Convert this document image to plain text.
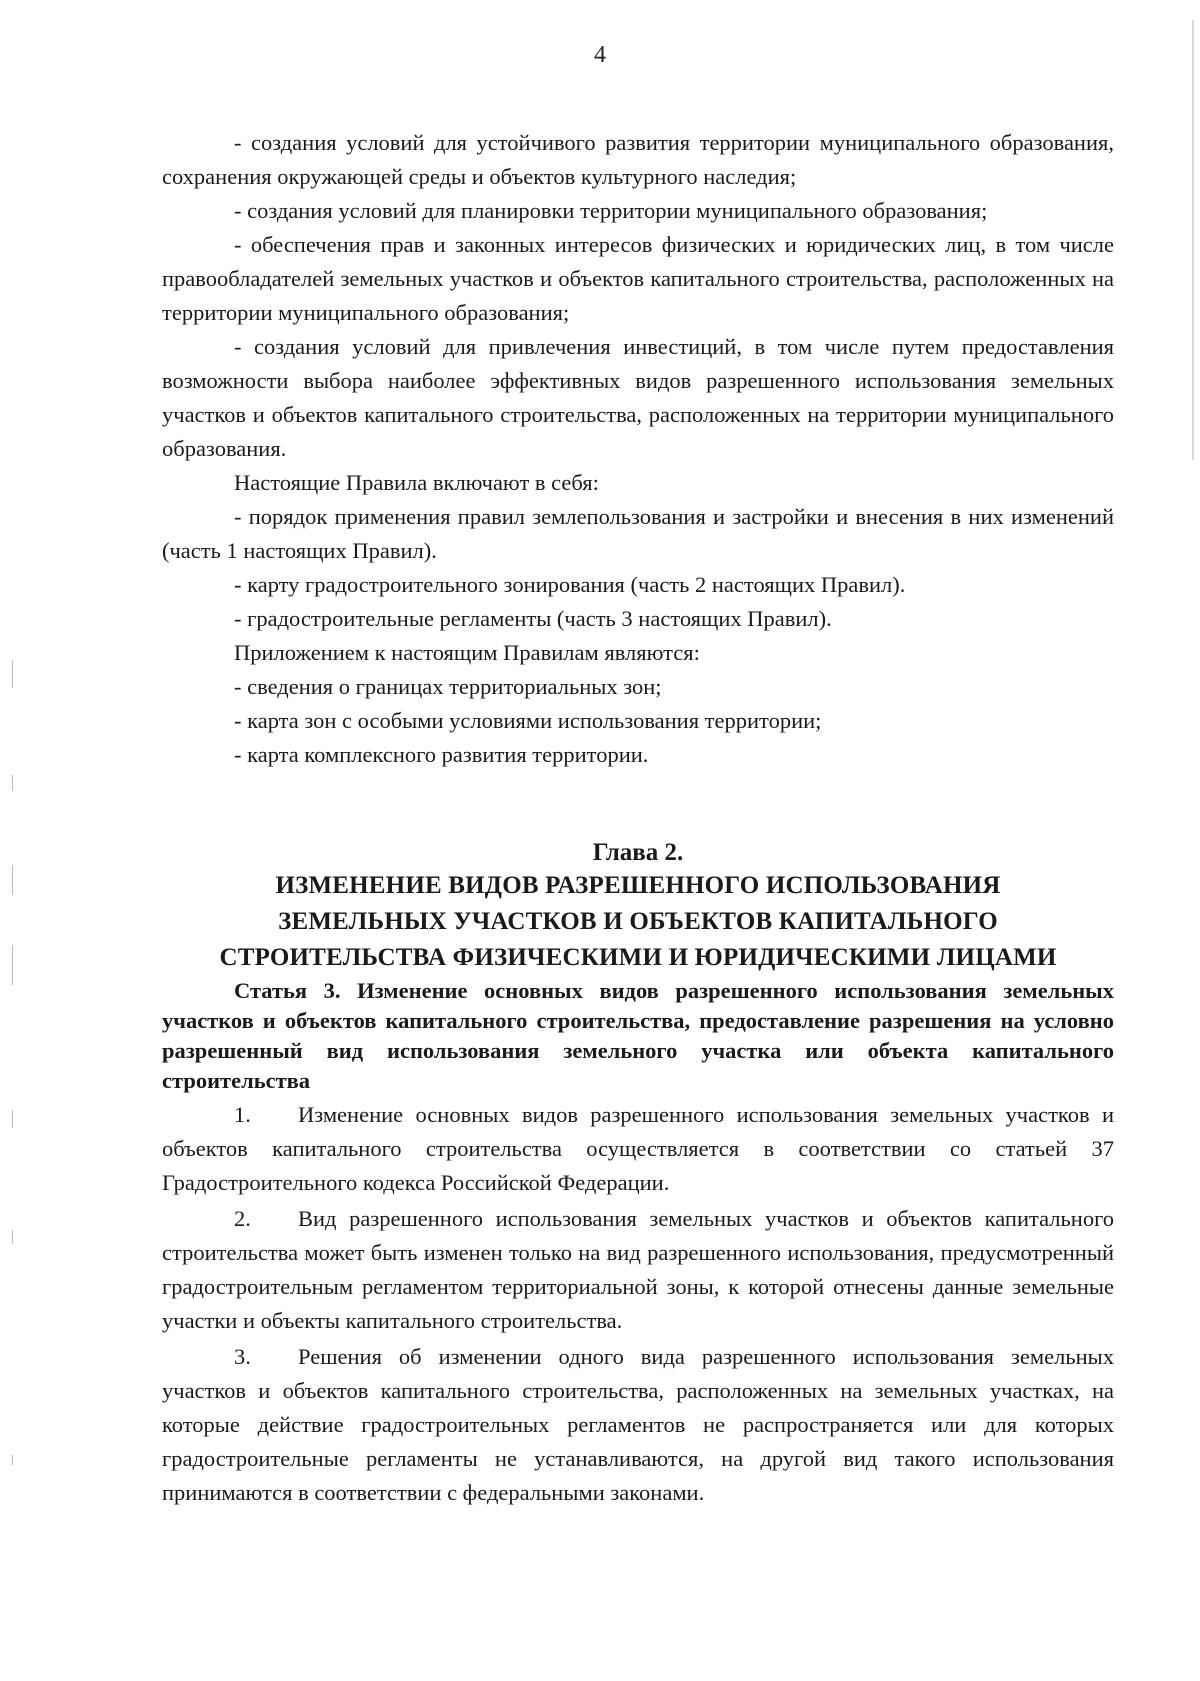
4

- создания условий для устойчивого развития территории муниципального образования, сохранения окружающей среды и объектов культурного наследия;

- создания условий для планировки территории муниципального образования;

- обеспечения прав и законных интересов физических и юридических лиц, в том числе правообладателей земельных участков и объектов капитального строительства, расположенных на территории муниципального образования;

- создания условий для привлечения инвестиций, в том числе путем предоставления возможности выбора наиболее эффективных видов разрешенного использования земельных участков и объектов капитального строительства, расположенных на территории муниципального образования.

Настоящие Правила включают в себя:

- порядок применения правил землепользования и застройки и внесения в них изменений (часть 1 настоящих Правил).

- карту градостроительного зонирования (часть 2 настоящих Правил).

- градостроительные регламенты (часть 3 настоящих Правил).

Приложением к настоящим Правилам являются:

- сведения о границах территориальных зон;

- карта зон с особыми условиями использования территории;

- карта комплексного развития территории.

Глава 2.
ИЗМЕНЕНИЕ ВИДОВ РАЗРЕШЕННОГО ИСПОЛЬЗОВАНИЯ
ЗЕМЕЛЬНЫХ УЧАСТКОВ И ОБЪЕКТОВ КАПИТАЛЬНОГО
СТРОИТЕЛЬСТВА ФИЗИЧЕСКИМИ И ЮРИДИЧЕСКИМИ ЛИЦАМИ

Статья 3. Изменение основных видов разрешенного использования земельных участков и объектов капитального строительства, предоставление разрешения на условно разрешенный вид использования земельного участка или объекта капитального строительства

1. Изменение основных видов разрешенного использования земельных участков и объектов капитального строительства осуществляется в соответствии со статьей 37 Градостроительного кодекса Российской Федерации.

2. Вид разрешенного использования земельных участков и объектов капитального строительства может быть изменен только на вид разрешенного использования, предусмотренный градостроительным регламентом территориальной зоны, к которой отнесены данные земельные участки и объекты капитального строительства.

3. Решения об изменении одного вида разрешенного использования земельных участков и объектов капитального строительства, расположенных на земельных участках, на которые действие градостроительных регламентов не распространяется или для которых градостроительные регламенты не устанавливаются, на другой вид такого использования принимаются в соответствии с федеральными законами.
